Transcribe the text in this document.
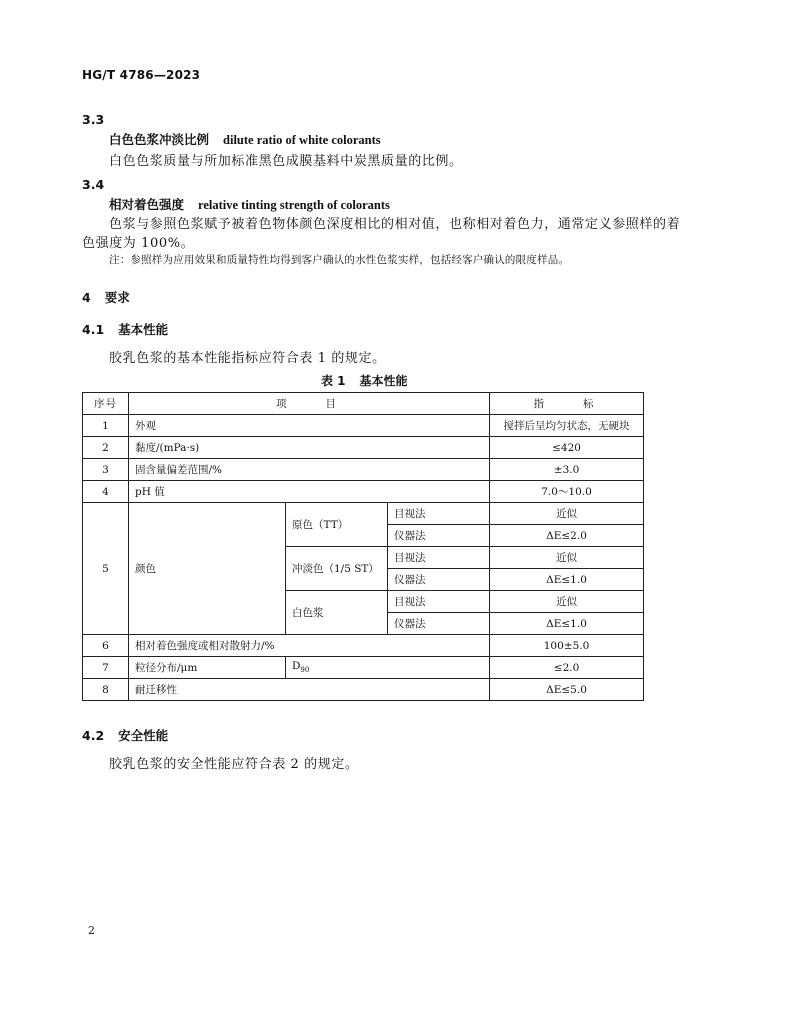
HG/T 4786—2023
3.3
白色色浆冲淡比例 dilute ratio of white colorants
白色色浆质量与所加标准黑色成膜基料中炭黑质量的比例。
3.4
相对着色强度 relative tinting strength of colorants
色浆与参照色浆赋予被着色物体颜色深度相比的相对值，也称相对着色力，通常定义参照样的着
色强度为 100%。
注：参照样为应用效果和质量特性均得到客户确认的水性色浆实样，包括经客户确认的限度样品。
4 要求
4.1 基本性能
胶乳色浆的基本性能指标应符合表 1 的规定。
表 1 基本性能
序号	项　　目			指　　标
1	外观			搅拌后呈均匀状态，无硬块
2	黏度/(mPa·s)			≤420
3	固含量偏差范围/%			±3.0
4	pH 值			7.0～10.0
5	颜色	原色（TT）	目视法	近似
			仪器法	ΔE≤2.0
		冲淡色（1/5 ST）	目视法	近似
			仪器法	ΔE≤1.0
		白色浆	目视法	近似
			仪器法	ΔE≤1.0
6	相对着色强度或相对散射力/%			100±5.0
7	粒径分布/μm	$D_{90}$		≤2.0
8	耐迁移性			ΔE≤5.0
4.2 安全性能
胶乳色浆的安全性能应符合表 2 的规定。
2
